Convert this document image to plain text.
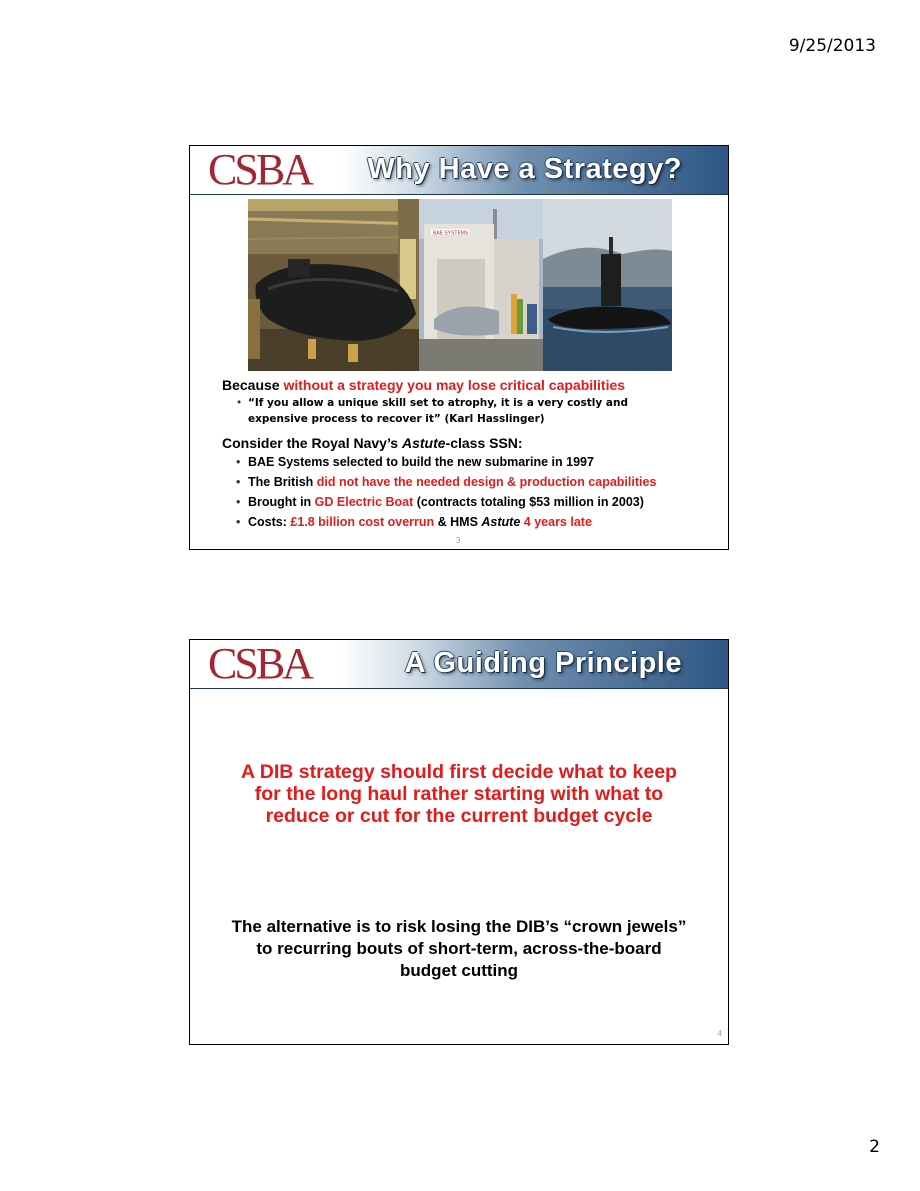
9/25/2013
CSBA Why Have a Strategy?
BAE SYSTEMS

Because without a strategy you may lose critical capabilities

• “If you allow a unique skill set to atrophy, it is a very costly and expensive process to recover it” (Karl Hasslinger)

Consider the Royal Navy’s Astute-class SSN:

• BAE Systems selected to build the new submarine in 1997
• The British did not have the needed design & production capabilities
• Brought in GD Electric Boat (contracts totaling $53 million in 2003)
• Costs: £1.8 billion cost overrun & HMS Astute 4 years late
3
CSBA	A Guiding Principle
A DIB strategy should first decide what to keep for the long haul rather starting with what to reduce or cut for the current budget cycle
The alternative is to risk losing the DIB’s “crown jewels” to recurring bouts of short-term, across-the-board budget cutting
4
2
